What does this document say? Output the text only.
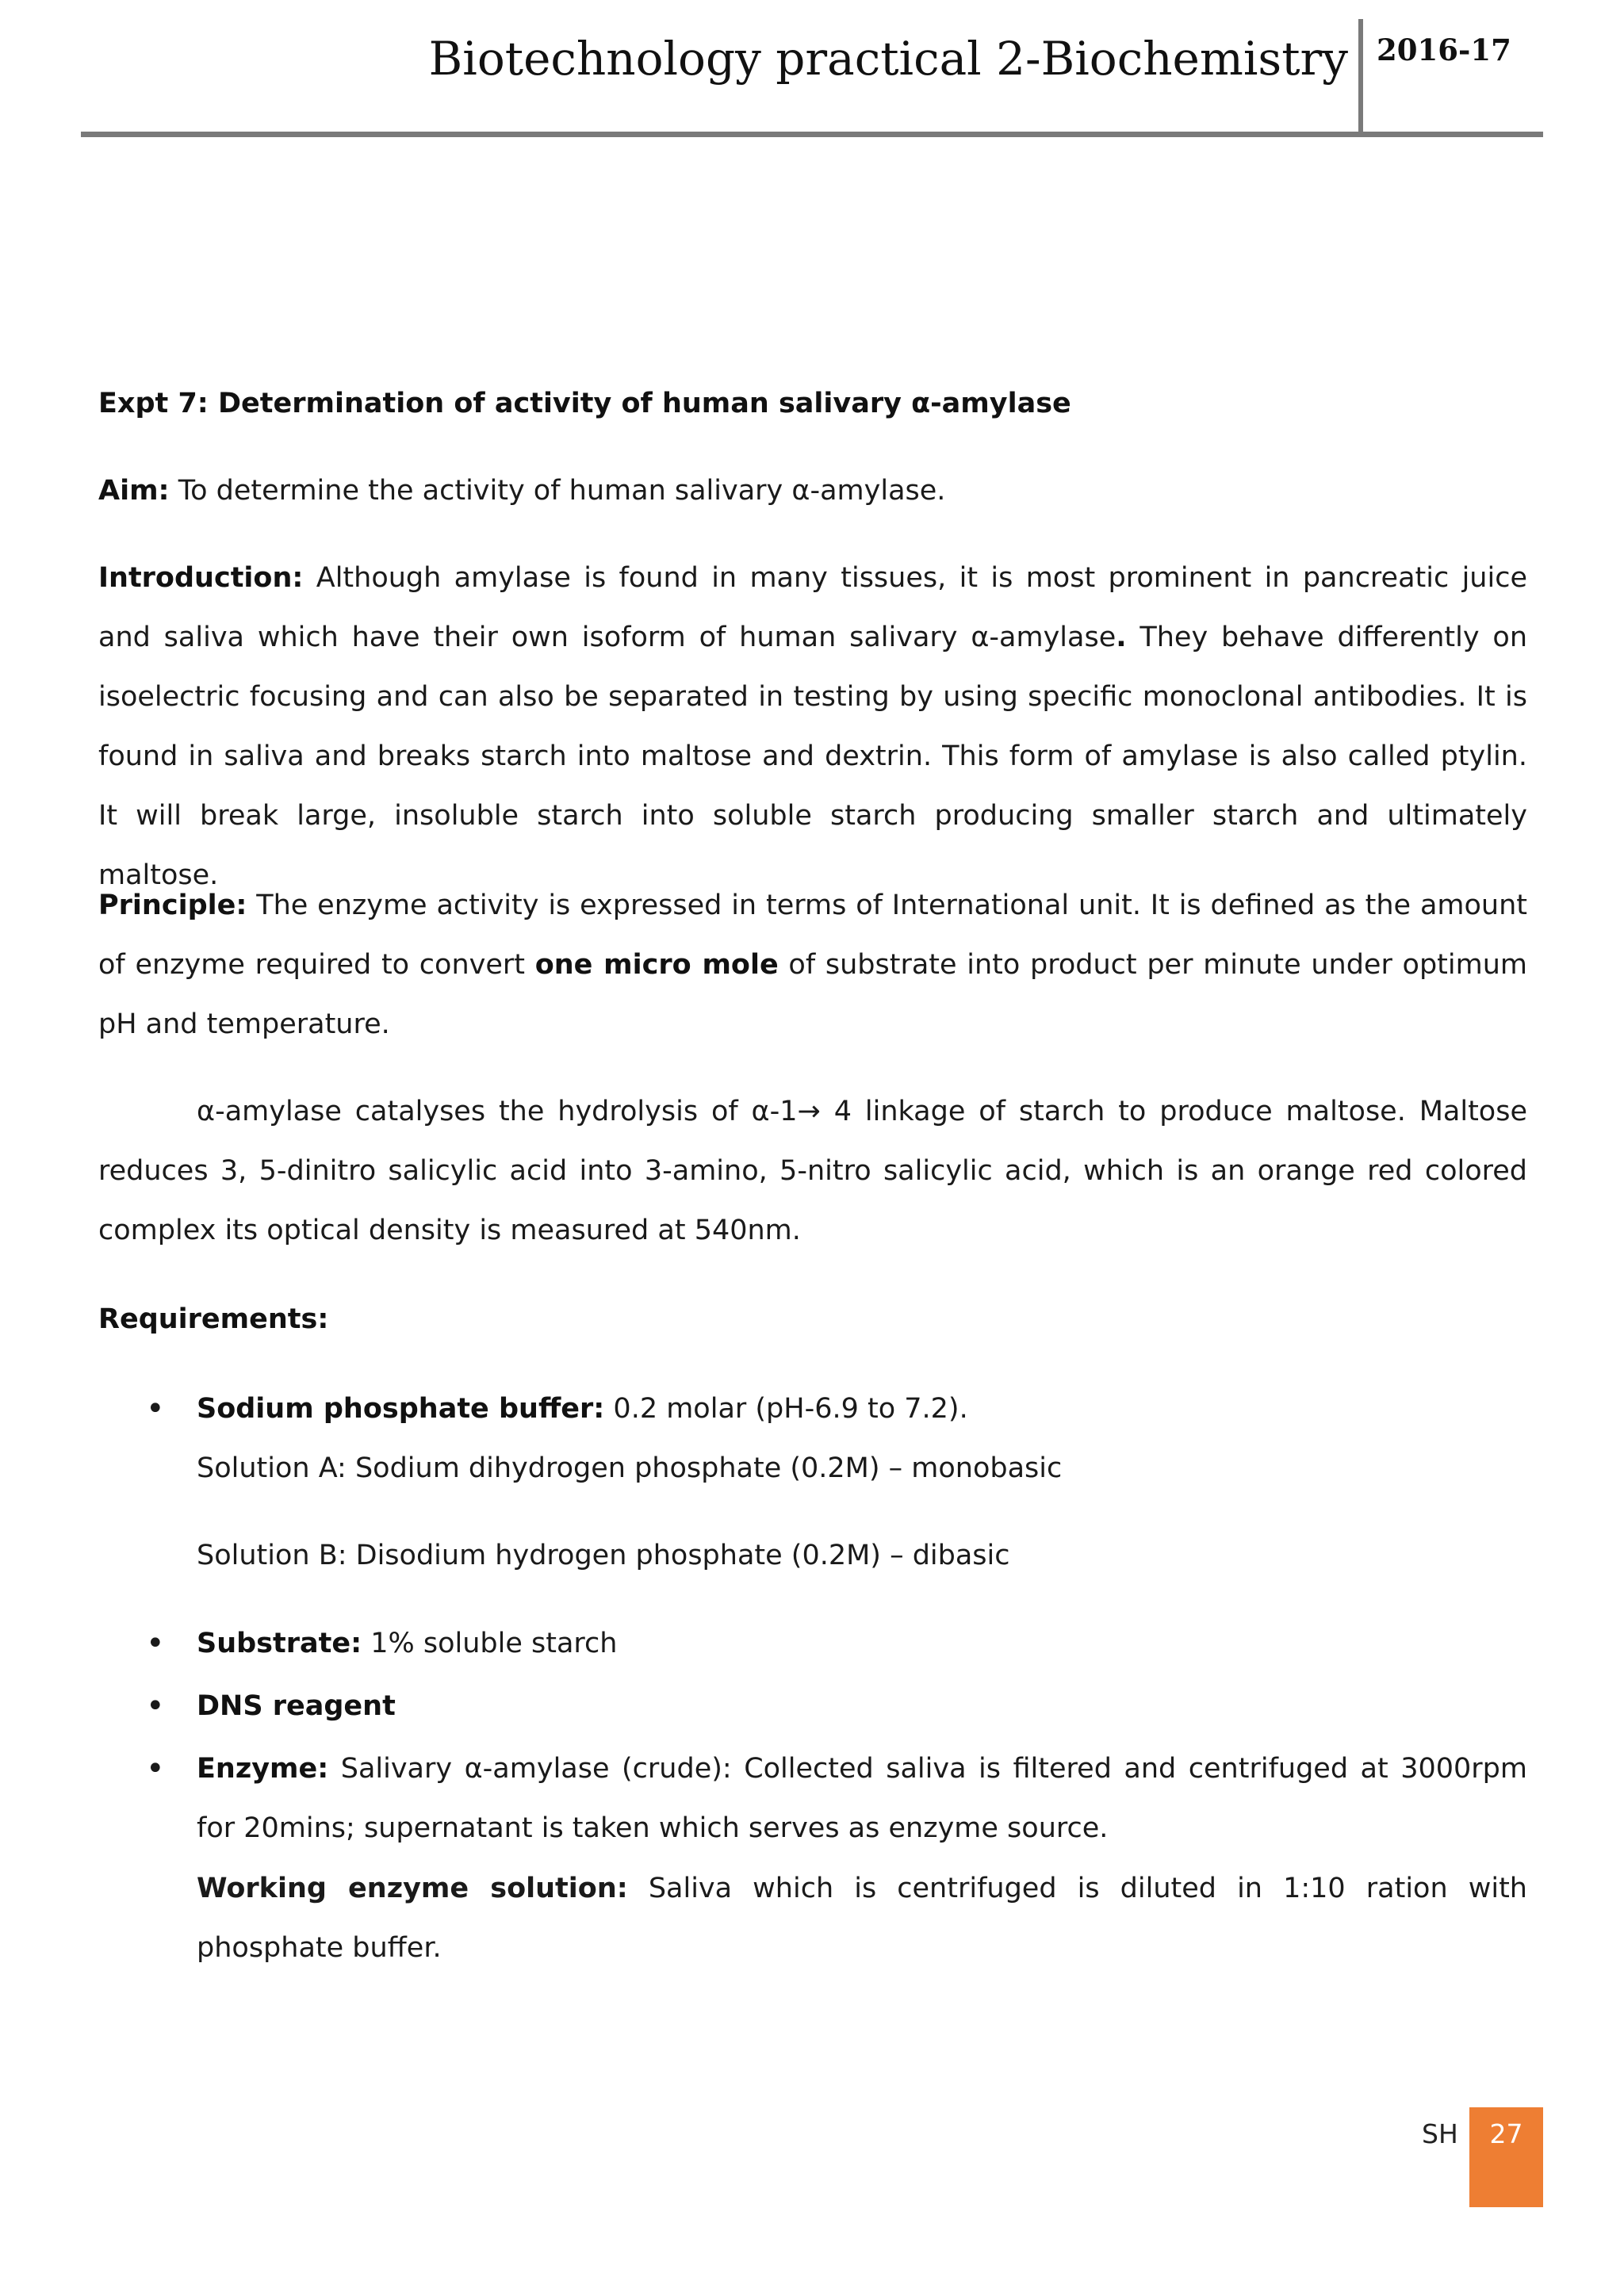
Biotechnology practical 2-Biochemistry 2016-17

Expt 7: Determination of activity of human salivary α-amylase

Aim: To determine the activity of human salivary α-amylase.

Introduction: Although amylase is found in many tissues, it is most prominent in pancreatic juice and saliva which have their own isoform of human salivary α-amylase. They behave differently on isoelectric focusing and can also be separated in testing by using specific monoclonal antibodies. It is found in saliva and breaks starch into maltose and dextrin. This form of amylase is also called ptylin. It will break large, insoluble starch into soluble starch producing smaller starch and ultimately maltose.

Principle: The enzyme activity is expressed in terms of International unit. It is defined as the amount of enzyme required to convert one micro mole of substrate into product per minute under optimum pH and temperature.

α-amylase catalyses the hydrolysis of α-1→ 4 linkage of starch to produce maltose. Maltose reduces 3, 5-dinitro salicylic acid into 3-amino, 5-nitro salicylic acid, which is an orange red colored complex its optical density is measured at 540nm.

Requirements:

• Sodium phosphate buffer: 0.2 molar (pH-6.9 to 7.2).

Solution A: Sodium dihydrogen phosphate (0.2M) – monobasic

Solution B: Disodium hydrogen phosphate (0.2M) – dibasic

• Substrate: 1% soluble starch
• DNS reagent
• Enzyme: Salivary α-amylase (crude): Collected saliva is filtered and centrifuged at 3000rpm for 20mins; supernatant is taken which serves as enzyme source.

Working enzyme solution: Saliva which is centrifuged is diluted in 1:10 ration with phosphate buffer.

SH	27
